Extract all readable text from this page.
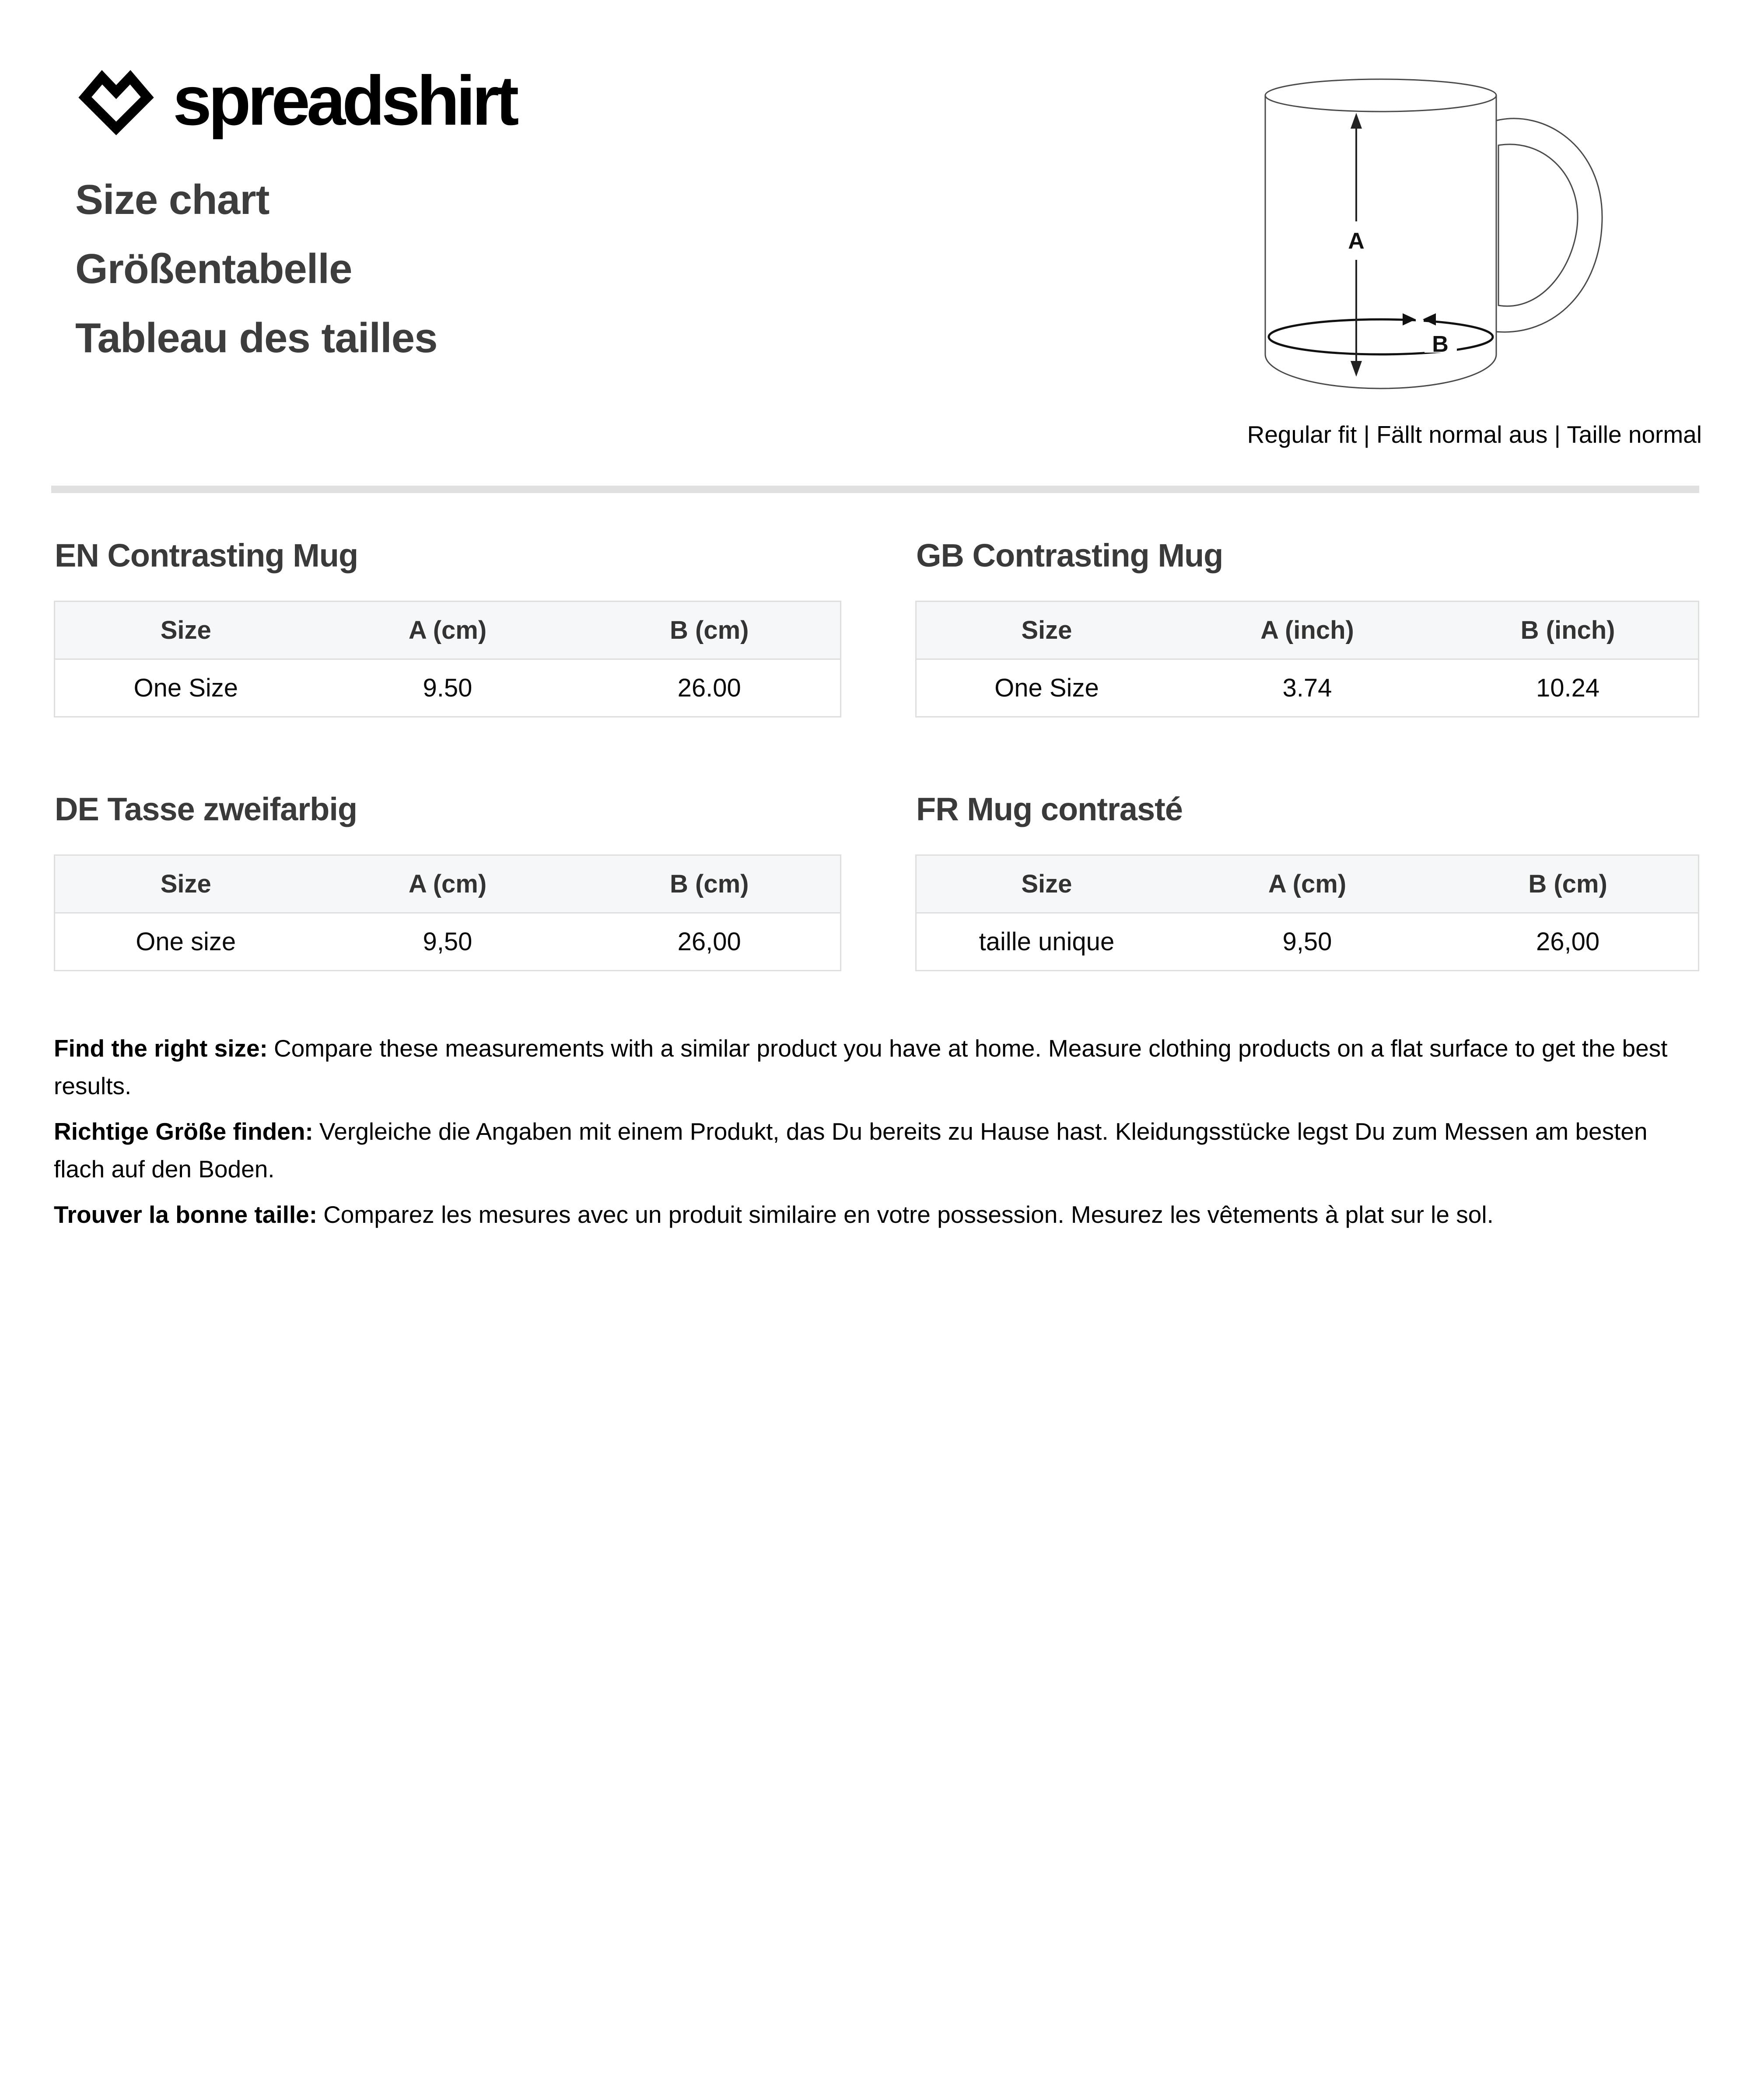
spreadshirt
Size chart
Größentabelle
Tableau des tailles	B
A
Regular fit | Fällt normal aus | Taille normal
EN Contrasting Mug
Size	A (cm)	B (cm)
One Size	9.50	26.00
GB Contrasting Mug
Size	A (inch)	B (inch)
One Size	3.74	10.24
DE Tasse zweifarbig
Size	A (cm)	B (cm)
One size	9,50	26,00
FR Mug contrasté
Size	A (cm)	B (cm)
taille unique	9,50	26,00

Find the right size: Compare these measurements with a similar product you have at home. Measure clothing products on a flat surface to get the best results.

Richtige Größe finden: Vergleiche die Angaben mit einem Produkt, das Du bereits zu Hause hast. Kleidungsstücke legst Du zum Messen am besten flach auf den Boden.

Trouver la bonne taille: Comparez les mesures avec un produit similaire en votre possession. Mesurez les vêtements à plat sur le sol.
